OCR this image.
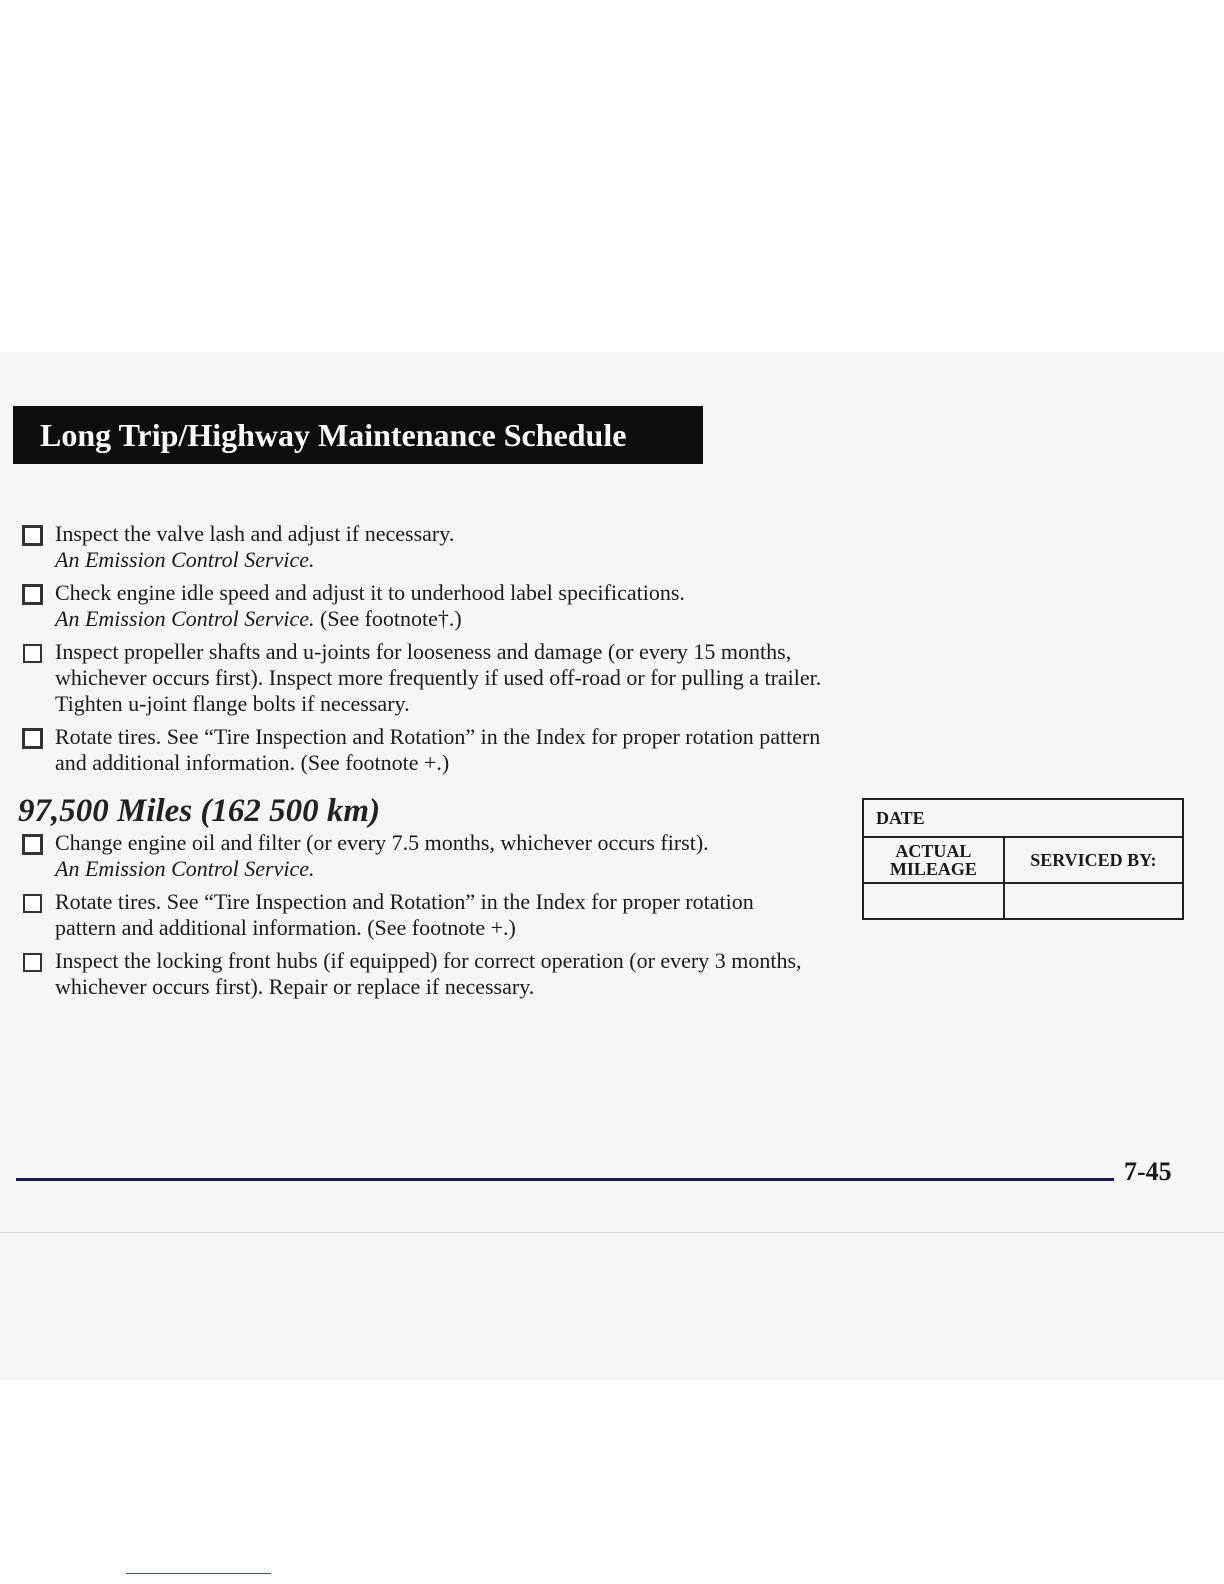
Long Trip/Highway Maintenance Schedule

Inspect the valve lash and adjust if necessary.
An Emission Control Service.

Check engine idle speed and adjust it to underhood label specifications.
An Emission Control Service. (See footnote†.)

Inspect propeller shafts and u-joints for looseness and damage (or every 15 months, whichever occurs first). Inspect more frequently if used off-road or for pulling a trailer. Tighten u-joint flange bolts if necessary.

Rotate tires. See “Tire Inspection and Rotation” in the Index for proper rotation pattern and additional information. (See footnote +.)

97,500 Miles (162 500 km)

Change engine oil and filter (or every 7.5 months, whichever occurs first).
An Emission Control Service.

Rotate tires. See “Tire Inspection and Rotation” in the Index for proper rotation pattern and additional information. (See footnote +.)

Inspect the locking front hubs (if equipped) for correct operation (or every 3 months, whichever occurs first). Repair or replace if necessary.

DATE	
ACTUAL
MILEAGE	SERVICED BY:

7-45
